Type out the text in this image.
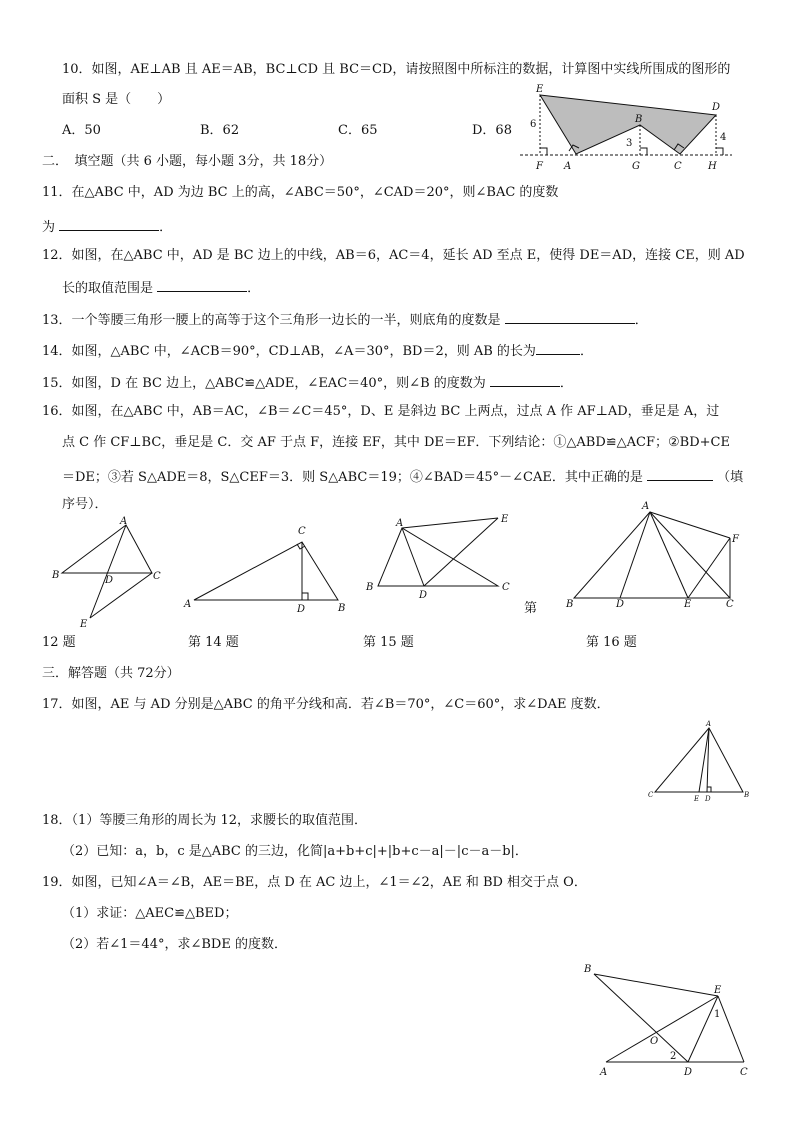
10．如图，AE⊥AB 且 AE＝AB，BC⊥CD 且 BC＝CD，请按照图中所标注的数据，计算图中实线所围成的图形的
面积 S 是（　　）
A．50	B．62	C．65	D．68
E
D
B
F A	G	C	H
6
3
4
二．　填空题（共 6 小题，每小题 3分，共 18分）
11．在△ABC 中，AD 为边 BC 上的高，∠ABC＝50°，∠CAD＝20°，则∠BAC 的度数
为	．
12．如图，在△ABC 中，AD 是 BC 边上的中线，AB＝6，AC＝4，延长 AD 至点 E，使得 DE＝AD，连接 CE，则 AD
长的取值范围是	．
13．一个等腰三角形一腰上的高等于这个三角形一边长的一半，则底角的度数是	．
14．如图，△ABC 中，∠ACB＝90°，CD⊥AB，∠A＝30°，BD＝2，则 AB 的长为	．
15．如图，D 在 BC 边上，△ABC≌△ADE，∠EAC＝40°，则∠B 的度数为	．
16．如图，在△ABC 中，AB＝AC，∠B＝∠C＝45°，D、E 是斜边 BC 上两点，过点 A 作 AF⊥AD，垂足是 A，过
点 C 作 CF⊥BC，垂足是 C．交 AF 于点 F，连接 EF，其中 DE＝EF．下列结论：①△ABD≌△ACF；②BD+CE
＝DE；③若 S△ADE＝8，S△CEF＝3．则 S△ABC＝19；④∠BAD＝45°－∠CAE．其中正确的是	（填
序号）．
A
B	C
D
E
C
A	D	B
A	E
B
D
C
A
F
B	D	E	C
第
12 题	第 14 题	第 15 题	第 16 题
三．解答题（共 72分）
17．如图，AE 与 AD 分别是△ABC 的角平分线和高．若∠B＝70°，∠C＝60°，求∠DAE 度数．
A
C	E D	B
18．（1）等腰三角形的周长为 12，求腰长的取值范围．
（2）已知：a，b，c 是△ABC 的三边，化简|a+b+c|+|b+c－a|－|c－a－b|．
19．如图，已知∠A＝∠B，AE＝BE，点 D 在 AC 边上，∠1＝∠2，AE 和 BD 相交于点 O．
（1）求证：△AEC≌△BED；
（2）若∠1＝44°，求∠BDE 的度数．
B
E
1
O
2
A	D	C
